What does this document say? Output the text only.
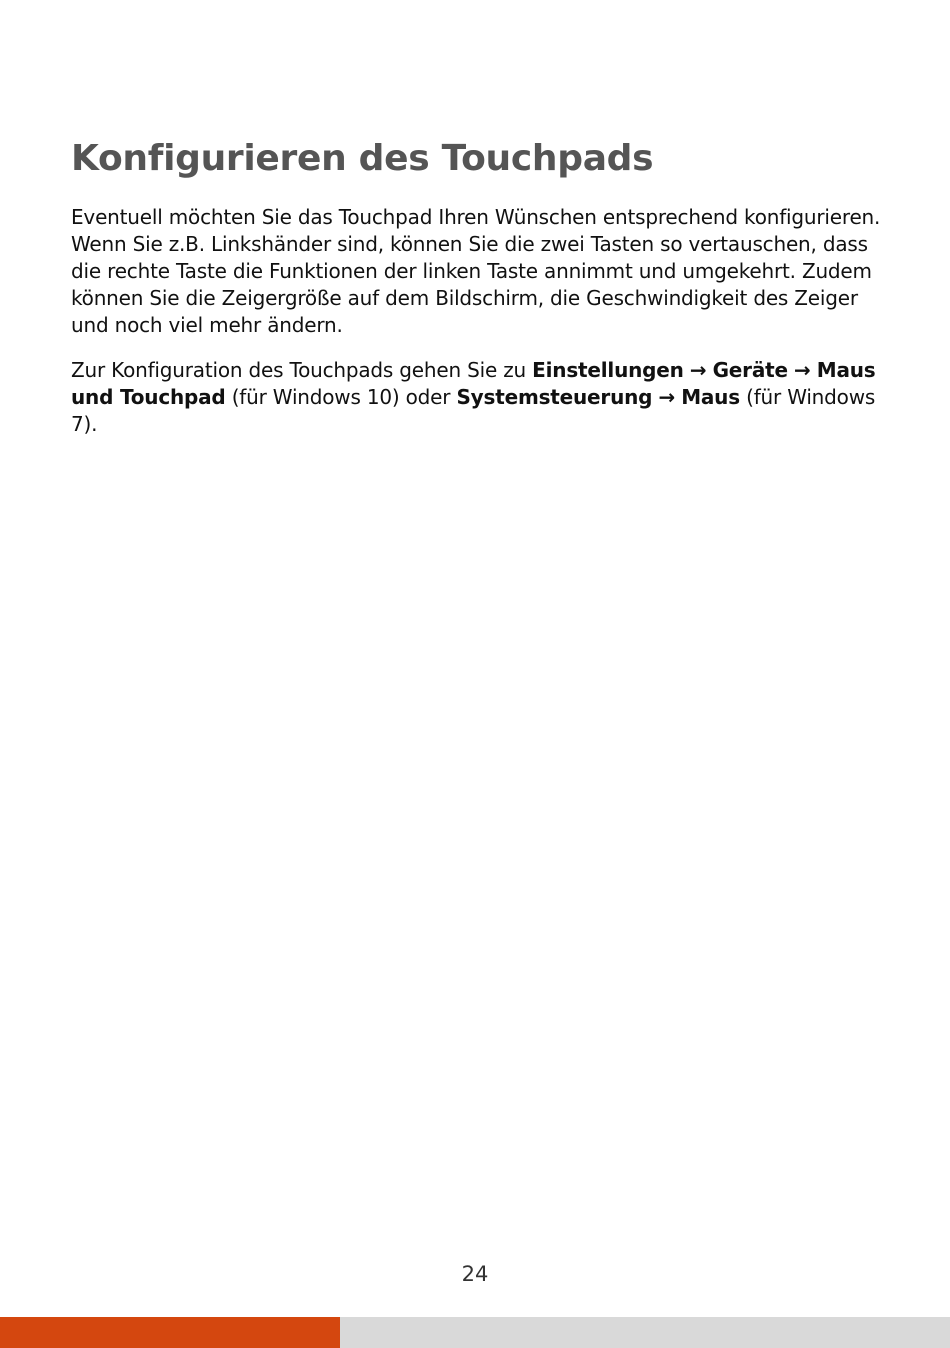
Konfigurieren des Touchpads

Eventuell möchten Sie das Touchpad Ihren Wünschen entsprechend konfigurieren. Wenn Sie z.B. Linkshänder sind, können Sie die zwei Tasten so vertauschen, dass die rechte Taste die Funktionen der linken Taste annimmt und umgekehrt. Zudem können Sie die Zeigergröße auf dem Bildschirm, die Geschwindigkeit des Zeiger und noch viel mehr ändern.

Zur Konfiguration des Touchpads gehen Sie zu Einstellungen → Geräte → Maus und Touchpad (für Windows 10) oder Systemsteuerung → Maus (für Windows 7).

24
